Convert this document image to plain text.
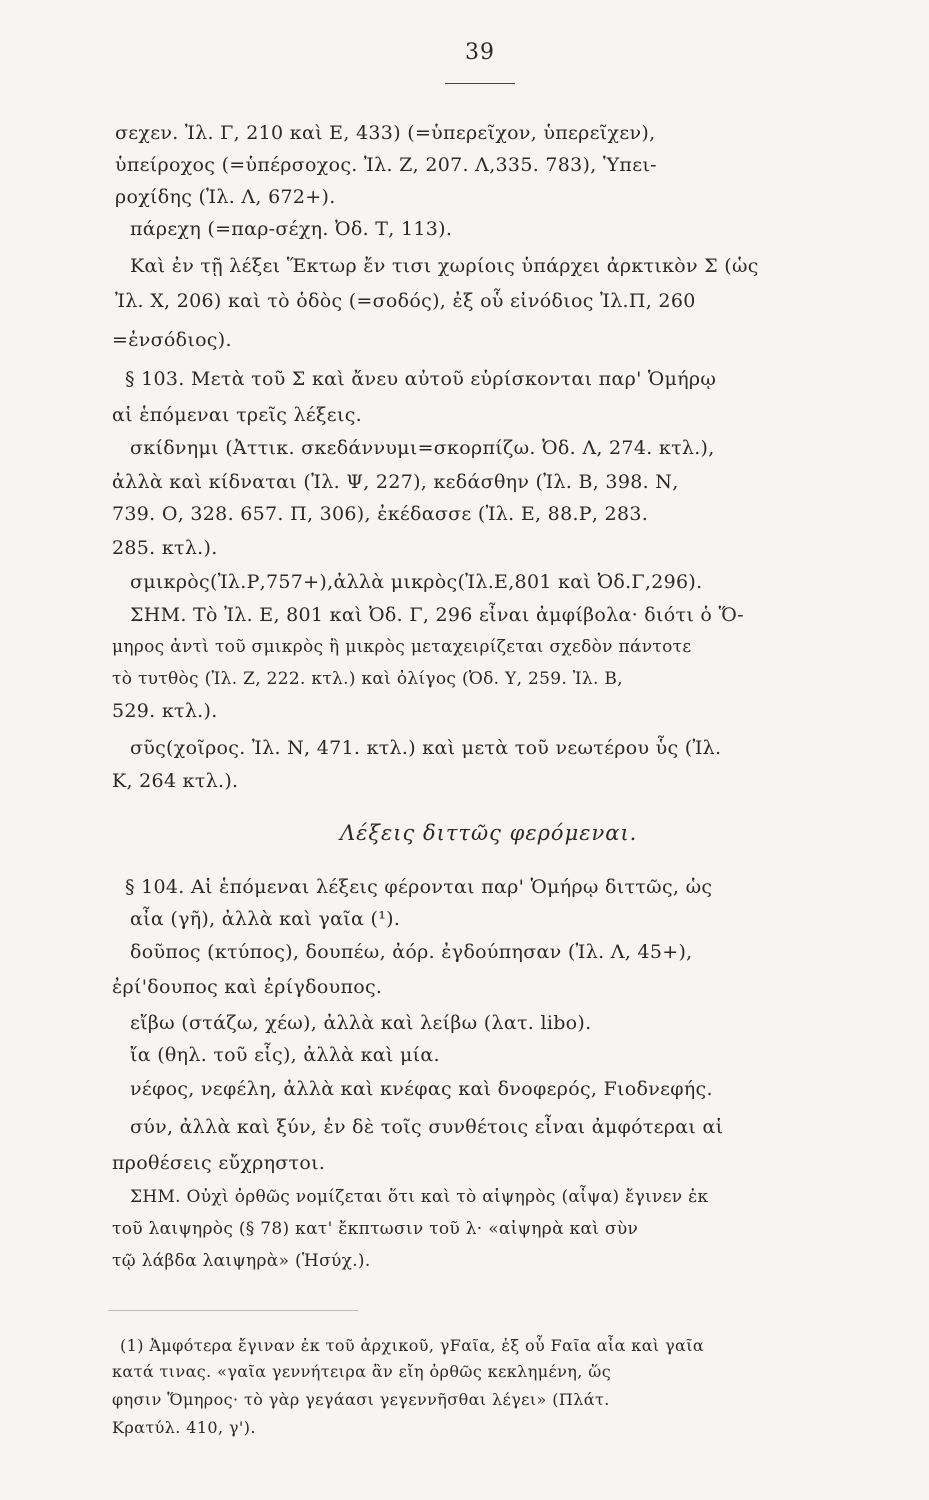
39
σεχεν. Ἰλ. Γ, 210 καὶ Ε, 433) (=ὑπερεῖχον, ὑπερεῖχεν),
ὑπείροχος (=ὑπέρσοχος. Ἰλ. Ζ, 207. Λ,335. 783), Ὑπει-
ροχίδης (Ἰλ. Λ, 672+).
πάρεχη (=παρ-σέχη. Ὀδ. Τ, 113).
Καὶ ἐν τῇ λέξει Ἕκτωρ ἔν τισι χωρίοις ὑπάρχει ἀρκτικὸν Σ (ὡς
Ἰλ. Χ, 206) καὶ τὸ ὁδὸς (=σοδός), ἐξ οὗ εἰνόδιος Ἰλ.Π, 260
=ἐνσόδιος).
§ 103. Μετὰ τοῦ Σ καὶ ἄνευ αὐτοῦ εὑρίσκονται παρ' Ὁμήρῳ
αἱ ἑπόμεναι τρεῖς λέξεις.
σκίδνημι (Ἀττικ. σκεδάννυμι=σκορπίζω. Ὀδ. Λ, 274. κτλ.),
ἀλλὰ καὶ κίδναται (Ἰλ. Ψ, 227), κεδάσθην (Ἰλ. Β, 398. Ν,
739. Ο, 328. 657. Π, 306), ἐκέδασσε (Ἰλ. Ε, 88.Ρ, 283.
285. κτλ.).
σμικρὸς(Ἰλ.Ρ,757+),ἀλλὰ μικρὸς(Ἰλ.Ε,801 καὶ Ὀδ.Γ,296).
ΣΗΜ. Τὸ Ἰλ. Ε, 801 καὶ Ὀδ. Γ, 296 εἶναι ἀμφίβολα· διότι ὁ Ὅ-
μηρος ἀντὶ τοῦ σμικρὸς ἢ μικρὸς μεταχειρίζεται σχεδὸν πάντοτε
τὸ τυτθὸς (Ἰλ. Ζ, 222. κτλ.) καὶ ὀλίγος (Ὀδ. Υ, 259. Ἰλ. Β,
529. κτλ.).
σῦς(χοῖρος. Ἰλ. Ν, 471. κτλ.) καὶ μετὰ τοῦ νεωτέρου ὗς (Ἰλ.
Κ, 264 κτλ.).
Λέξεις διττῶς φερόμεναι.
§ 104. Αἱ ἑπόμεναι λέξεις φέρονται παρ' Ὁμήρῳ διττῶς, ὡς
αἶα (γῆ), ἀλλὰ καὶ γαῖα (¹).
δοῦπος (κτύπος), δουπέω, ἀόρ. ἐγδούπησαν (Ἰλ. Λ, 45+),
ἐρί'δουπος καὶ ἐρίγδουπος.
εἴβω (στάζω, χέω), ἀλλὰ καὶ λείβω (λατ. libo).
ἴα (θηλ. τοῦ εἷς), ἀλλὰ καὶ μία.
νέφος, νεφέλη, ἀλλὰ καὶ κνέφας καὶ δνοφερός, Fιοδνεφής.
σύν, ἀλλὰ καὶ ξύν, ἐν δὲ τοῖς συνθέτοις εἶναι ἀμφότεραι αἱ
προθέσεις εὔχρηστοι.
ΣΗΜ. Οὐχὶ ὀρθῶς νομίζεται ὅτι καὶ τὸ αἰψηρὸς (αἶψα) ἔγινεν ἐκ
τοῦ λαιψηρὸς (§ 78) κατ' ἔκπτωσιν τοῦ λ· «αἰψηρὰ καὶ σὺν
τῷ λάβδα λαιψηρὰ» (Ἡσύχ.).
(1) Ἀμφότερα ἔγιναν ἐκ τοῦ ἀρχικοῦ, γFαῖα, ἐξ οὗ Fαῖα αἶα καὶ γαῖα
κατά τινας. «γαῖα γεννήτειρα ἂν εἴη ὀρθῶς κεκλημένη, ὥς
φησιν Ὅμηρος· τὸ γὰρ γεγάασι γεγεννῆσθαι λέγει» (Πλάτ.
Κρατύλ. 410, γ').
